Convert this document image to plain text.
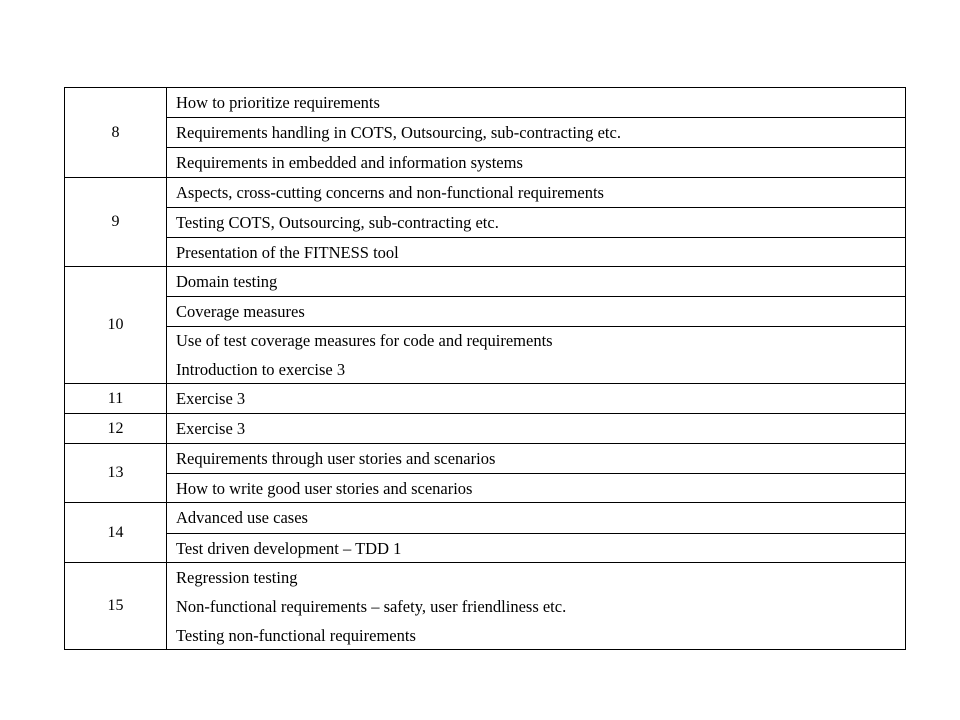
8
How to prioritize requirements
Requirements handling in COTS, Outsourcing, sub-contracting etc.
Requirements in embedded and information systems
9
Aspects, cross-cutting concerns and non-functional requirements
Testing COTS, Outsourcing, sub-contracting etc.
Presentation of the FITNESS tool
10
Domain testing
Coverage measures
Use of test coverage measures for code and requirements
Introduction to exercise 3
11	Exercise 3
12	Exercise 3
13
Requirements through user stories and scenarios
How to write good user stories and scenarios
14
Advanced use cases
Test driven development – TDD 1
15
Regression testing
Non-functional requirements – safety, user friendliness etc.
Testing non-functional requirements
